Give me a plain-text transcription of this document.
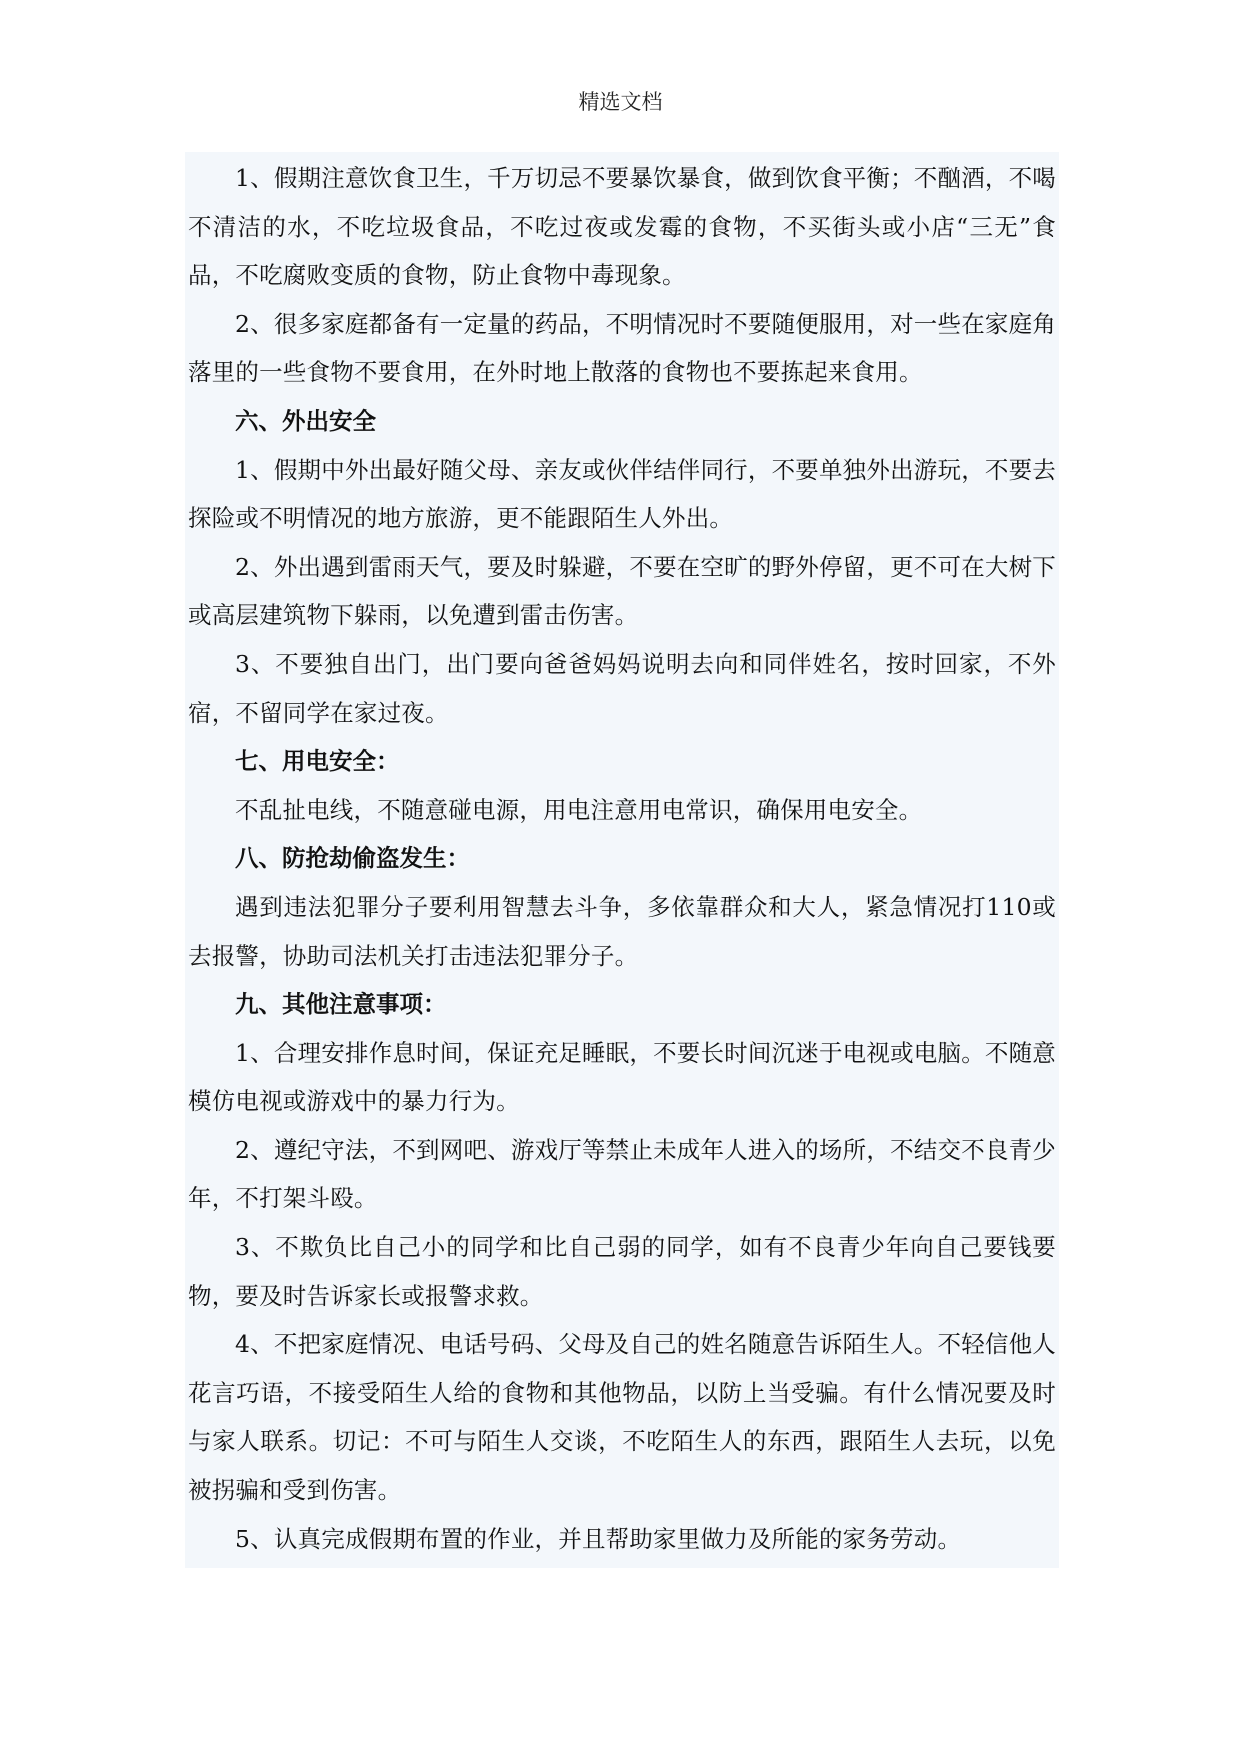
精选文档

1、假期注意饮食卫生，千万切忌不要暴饮暴食，做到饮食平衡；不酗酒，不喝不清洁的水，不吃垃圾食品，不吃过夜或发霉的食物，不买街头或小店“三无”食品，不吃腐败变质的食物，防止食物中毒现象。

2、很多家庭都备有一定量的药品，不明情况时不要随便服用，对一些在家庭角落里的一些食物不要食用，在外时地上散落的食物也不要拣起来食用。

六、外出安全

1、假期中外出最好随父母、亲友或伙伴结伴同行，不要单独外出游玩，不要去探险或不明情况的地方旅游，更不能跟陌生人外出。

2、外出遇到雷雨天气，要及时躲避，不要在空旷的野外停留，更不可在大树下或高层建筑物下躲雨，以免遭到雷击伤害。

3、不要独自出门，出门要向爸爸妈妈说明去向和同伴姓名，按时回家，不外宿，不留同学在家过夜。

七、用电安全：

不乱扯电线，不随意碰电源，用电注意用电常识，确保用电安全。

八、防抢劫偷盗发生：

遇到违法犯罪分子要利用智慧去斗争，多依靠群众和大人，紧急情况打110或去报警，协助司法机关打击违法犯罪分子。

九、其他注意事项：

1、合理安排作息时间，保证充足睡眠，不要长时间沉迷于电视或电脑。不随意模仿电视或游戏中的暴力行为。

2、遵纪守法，不到网吧、游戏厅等禁止未成年人进入的场所，不结交不良青少年，不打架斗殴。

3、不欺负比自己小的同学和比自己弱的同学，如有不良青少年向自己要钱要物，要及时告诉家长或报警求救。

4、不把家庭情况、电话号码、父母及自己的姓名随意告诉陌生人。不轻信他人花言巧语，不接受陌生人给的食物和其他物品，以防上当受骗。有什么情况要及时与家人联系。切记：不可与陌生人交谈，不吃陌生人的东西，跟陌生人去玩，以免被拐骗和受到伤害。

5、认真完成假期布置的作业，并且帮助家里做力及所能的家务劳动。
